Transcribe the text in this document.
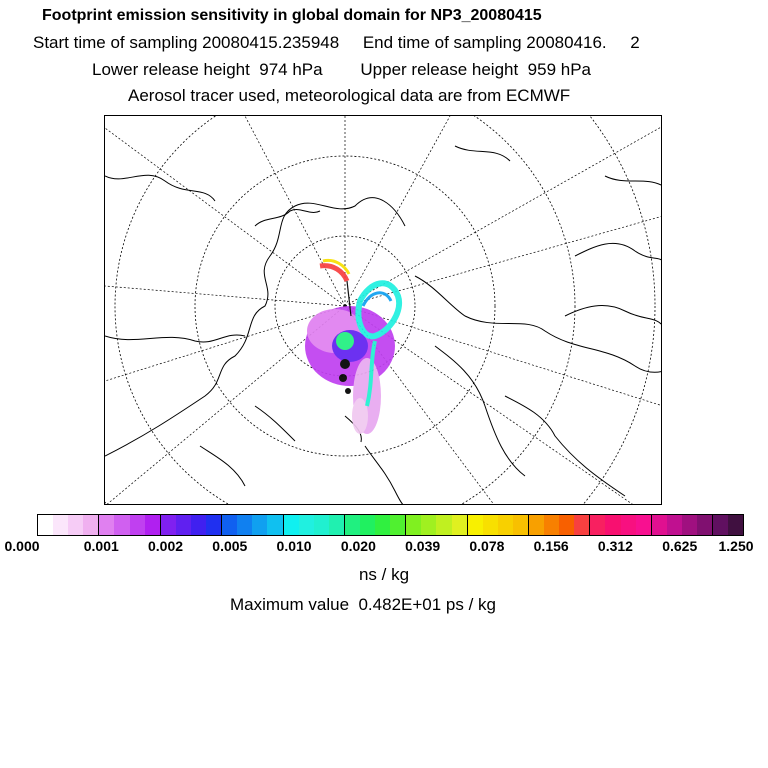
Footprint emission sensitivity in global domain for NP3_20080415
Start time of sampling 20080415.235948     End time of sampling 20080416.     2
Lower release height  974 hPa        Upper release height  959 hPa
Aerosol tracer used, meteorological data are from ECMWF
0.000	0.001 0.002 0.005 0.010 0.020 0.039 0.078 0.156 0.312 0.625 1.250
ns / kg
Maximum value  0.482E+01 ps / kg
